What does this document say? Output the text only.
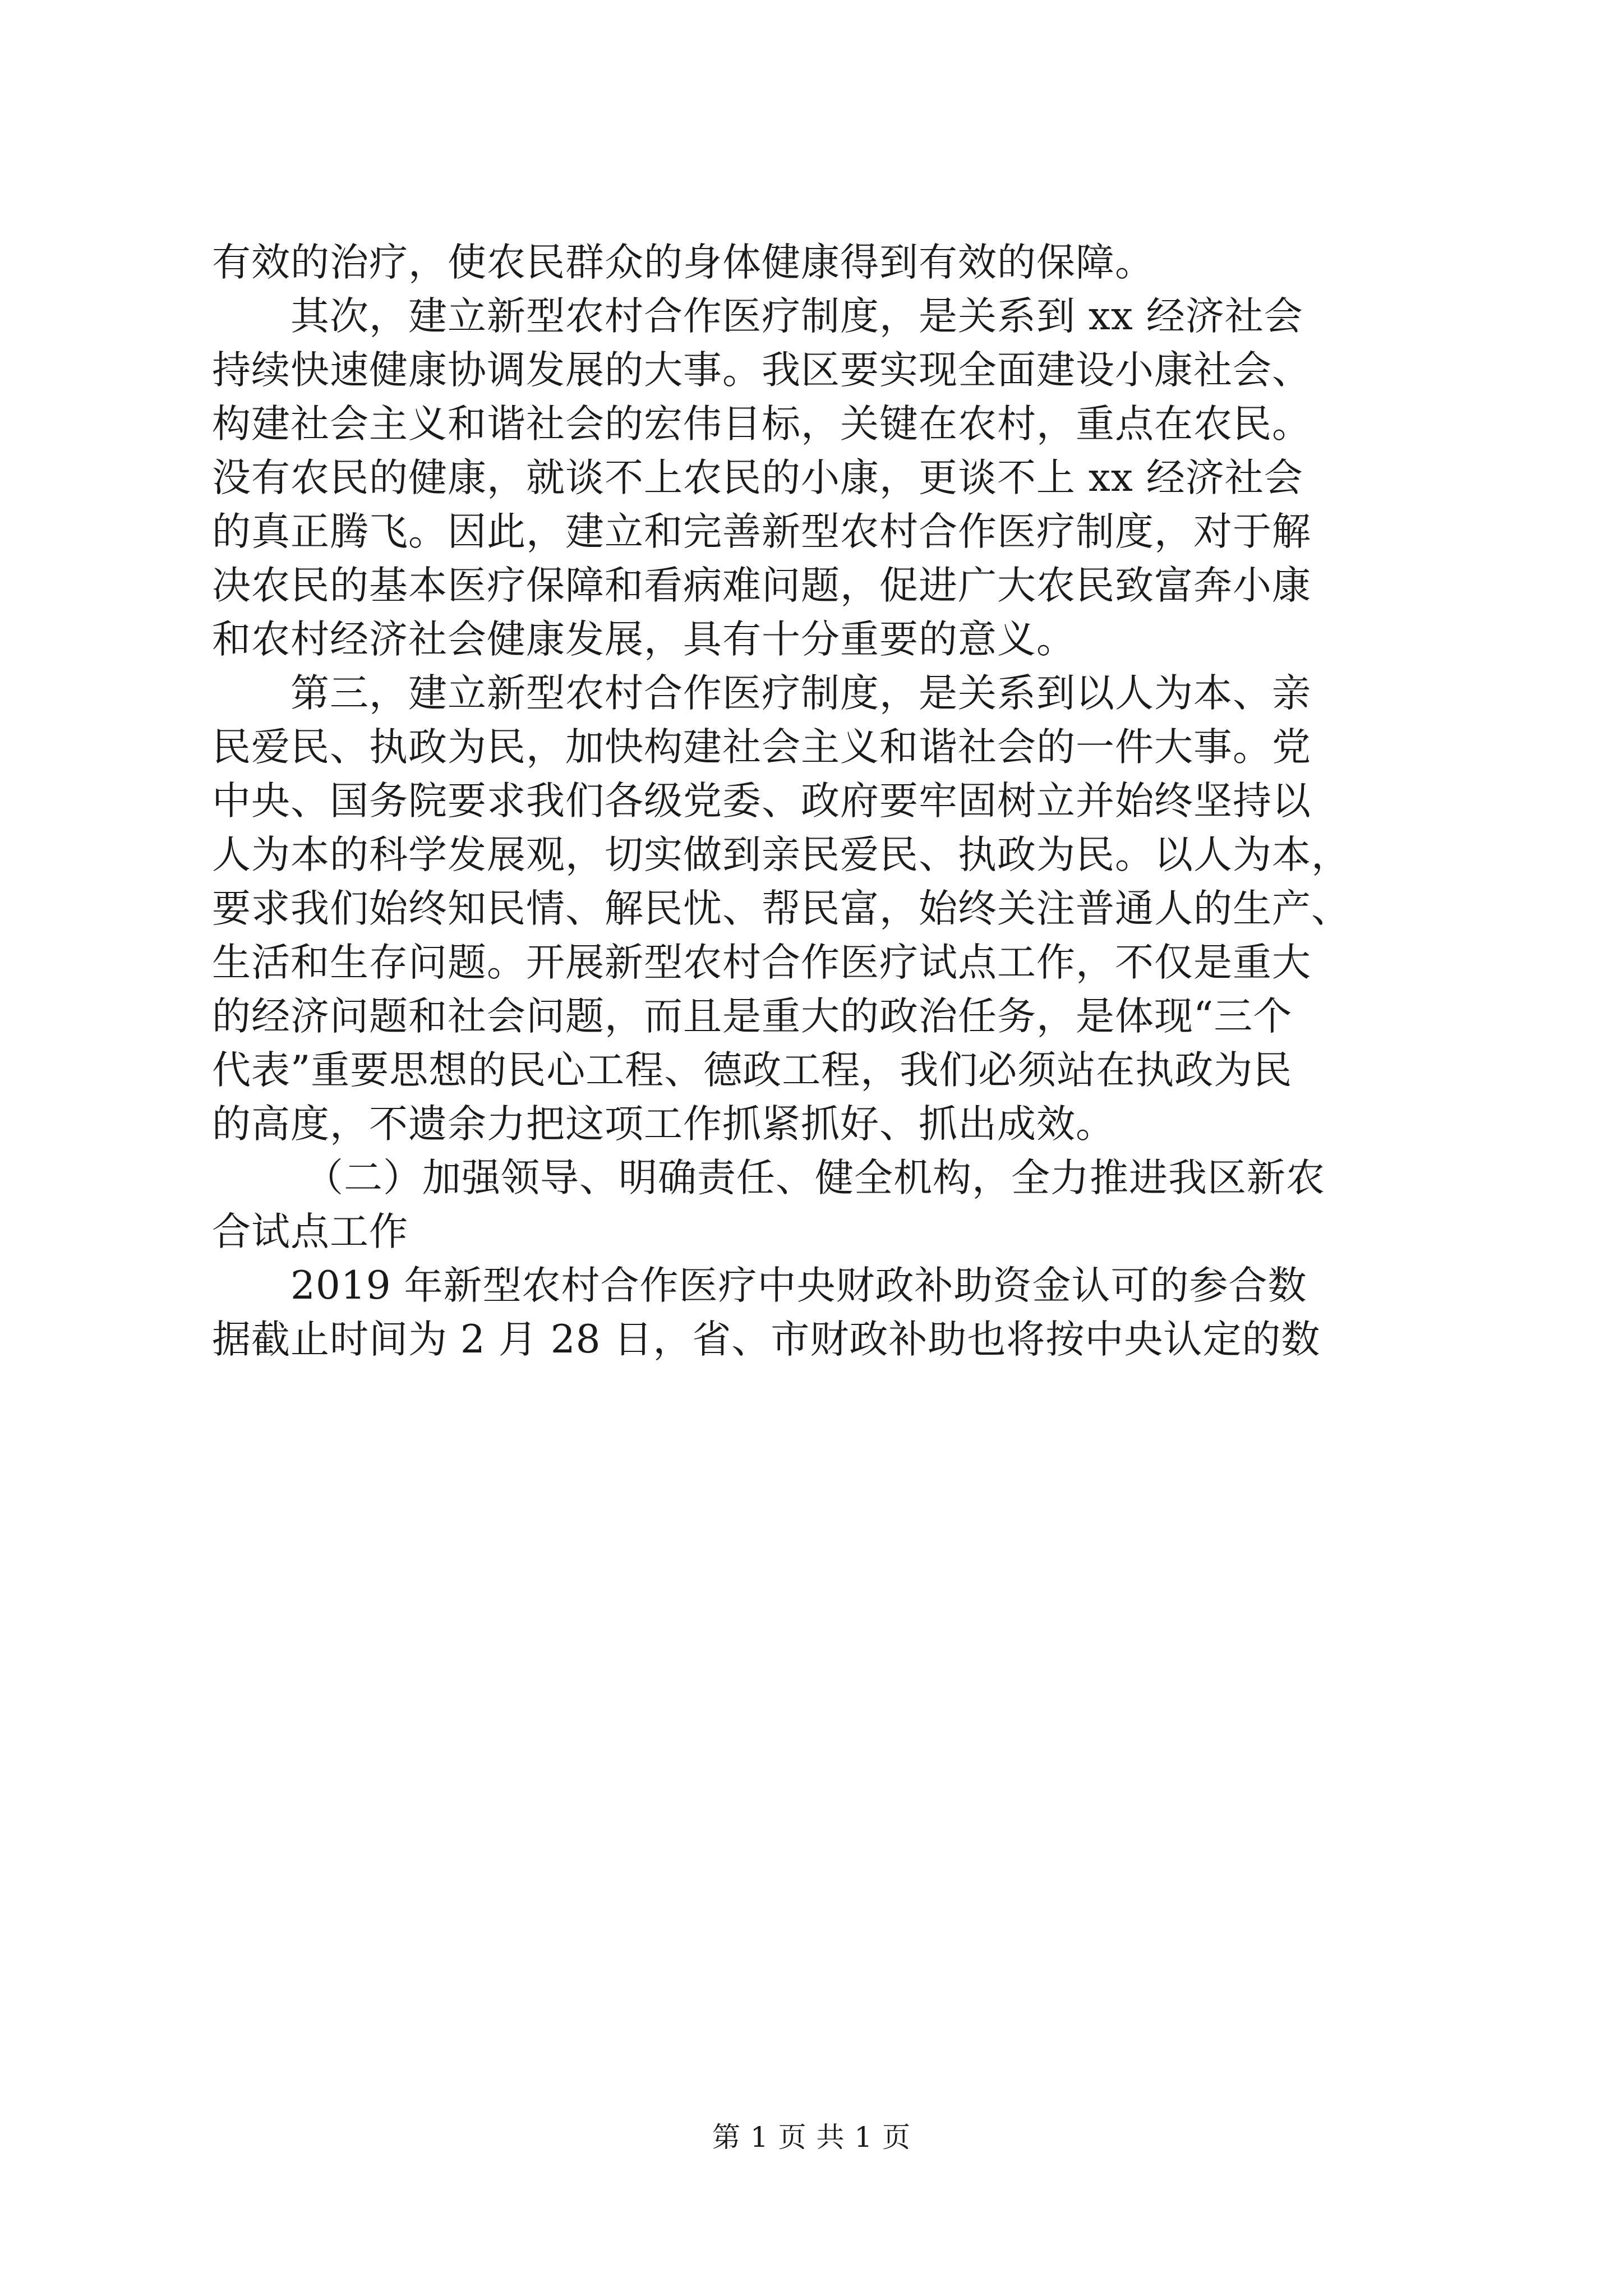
有效的治疗，使农民群众的身体健康得到有效的保障。
其次，建立新型农村合作医疗制度，是关系到 xx 经济社会
持续快速健康协调发展的大事。我区要实现全面建设小康社会、
构建社会主义和谐社会的宏伟目标，关键在农村，重点在农民。
没有农民的健康，就谈不上农民的小康，更谈不上 xx 经济社会
的真正腾飞。因此，建立和完善新型农村合作医疗制度，对于解
决农民的基本医疗保障和看病难问题，促进广大农民致富奔小康
和农村经济社会健康发展，具有十分重要的意义。
第三，建立新型农村合作医疗制度，是关系到以人为本、亲
民爱民、执政为民，加快构建社会主义和谐社会的一件大事。党
中央、国务院要求我们各级党委、政府要牢固树立并始终坚持以
人为本的科学发展观，切实做到亲民爱民、执政为民。以人为本，
要求我们始终知民情、解民忧、帮民富，始终关注普通人的生产、
生活和生存问题。开展新型农村合作医疗试点工作，不仅是重大
的经济问题和社会问题，而且是重大的政治任务，是体现“三个
代表”重要思想的民心工程、德政工程，我们必须站在执政为民
的高度，不遗余力把这项工作抓紧抓好、抓出成效。
（二）加强领导、明确责任、健全机构，全力推进我区新农
合试点工作
2019 年新型农村合作医疗中央财政补助资金认可的参合数
据截止时间为 2 月 28 日，省、市财政补助也将按中央认定的数
第 1 页 共 1 页
